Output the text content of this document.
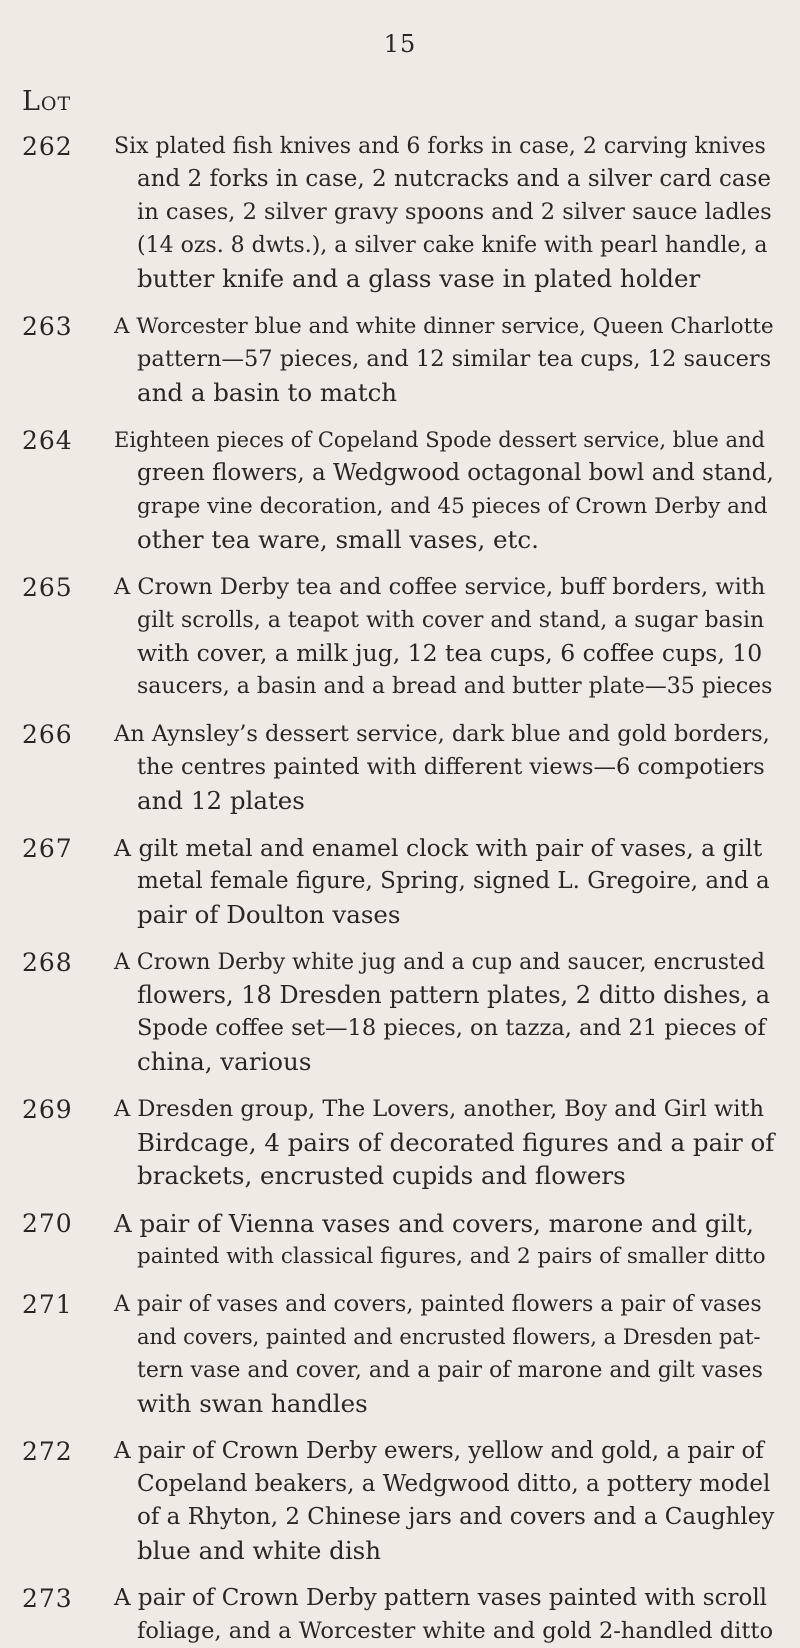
15
Lot
262 Six plated fish knives and 6 forks in case, 2 carving knives
and 2 forks in case, 2 nutcracks and a silver card case
in cases, 2 silver gravy spoons and 2 silver sauce ladles
(14 ozs. 8 dwts.), a silver cake knife with pearl handle, a
butter knife and a glass vase in plated holder
263 A Worcester blue and white dinner service, Queen Charlotte
pattern—57 pieces, and 12 similar tea cups, 12 saucers
and a basin to match
264 Eighteen pieces of Copeland Spode dessert service, blue and
green flowers, a Wedgwood octagonal bowl and stand,
grape vine decoration, and 45 pieces of Crown Derby and
other tea ware, small vases, etc.
265 A Crown Derby tea and coffee service, buff borders, with
gilt scrolls, a teapot with cover and stand, a sugar basin
with cover, a milk jug, 12 tea cups, 6 coffee cups, 10
saucers, a basin and a bread and butter plate—35 pieces
266 An Aynsley’s dessert service, dark blue and gold borders,
the centres painted with different views—6 compotiers
and 12 plates
267 A gilt metal and enamel clock with pair of vases, a gilt
metal female figure, Spring, signed L. Gregoire, and a
pair of Doulton vases
268 A Crown Derby white jug and a cup and saucer, encrusted
flowers, 18 Dresden pattern plates, 2 ditto dishes, a
Spode coffee set—18 pieces, on tazza, and 21 pieces of
china, various
269 A Dresden group, The Lovers, another, Boy and Girl with
Birdcage, 4 pairs of decorated figures and a pair of
brackets, encrusted cupids and flowers
270 A pair of Vienna vases and covers, marone and gilt,
painted with classical figures, and 2 pairs of smaller ditto
271 A pair of vases and covers, painted flowers a pair of vases
and covers, painted and encrusted flowers, a Dresden pat-
tern vase and cover, and a pair of marone and gilt vases
with swan handles
272 A pair of Crown Derby ewers, yellow and gold, a pair of
Copeland beakers, a Wedgwood ditto, a pottery model
of a Rhyton, 2 Chinese jars and covers and a Caughley
blue and white dish
273 A pair of Crown Derby pattern vases painted with scroll
foliage, and a Worcester white and gold 2-handled ditto
